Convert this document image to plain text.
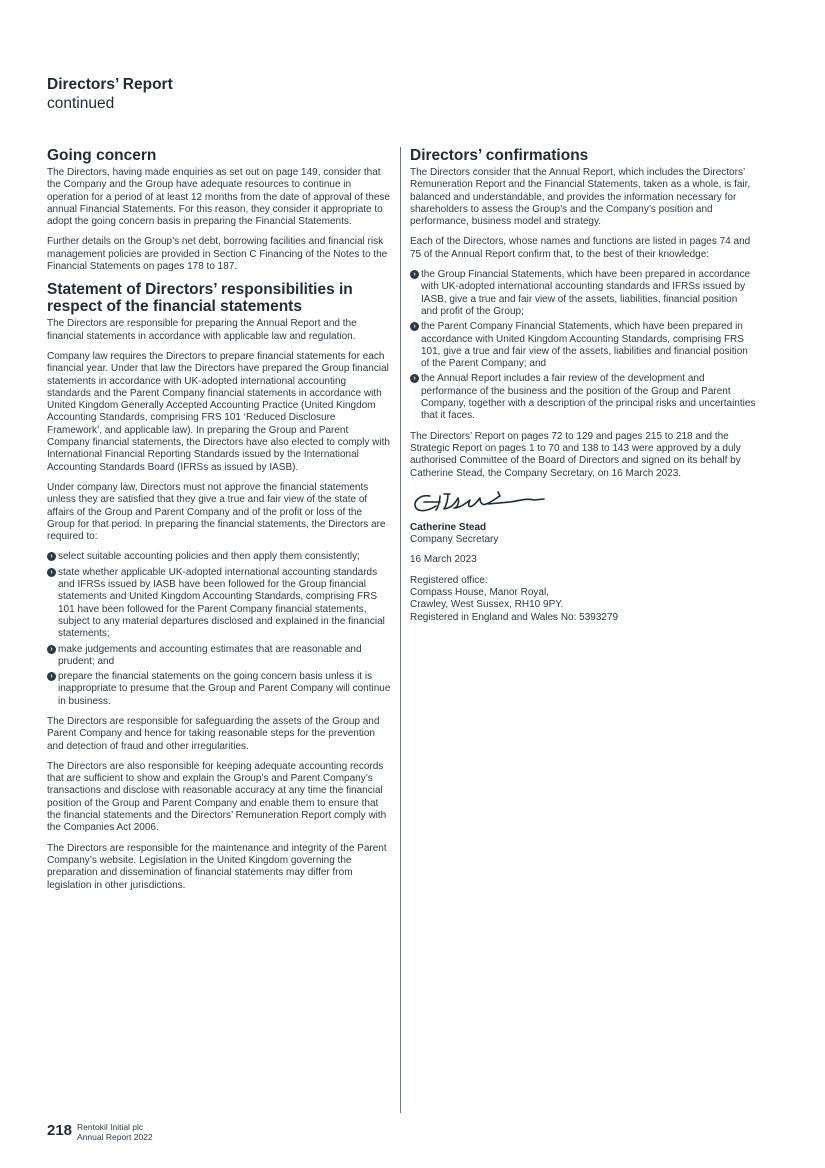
Directors’ Report
continued
Going concern

The Directors, having made enquiries as set out on page 149, consider that the Company and the Group have adequate resources to continue in operation for a period of at least 12 months from the date of approval of these annual Financial Statements. For this reason, they consider it appropriate to adopt the going concern basis in preparing the Financial Statements.

Further details on the Group’s net debt, borrowing facilities and financial risk management policies are provided in Section C Financing of the Notes to the Financial Statements on pages 178 to 187.

Statement of Directors’ responsibilities in respect of the financial statements

The Directors are responsible for preparing the Annual Report and the financial statements in accordance with applicable law and regulation.

Company law requires the Directors to prepare financial statements for each financial year. Under that law the Directors have prepared the Group financial statements in accordance with UK-adopted international accounting standards and the Parent Company financial statements in accordance with United Kingdom Generally Accepted Accounting Practice (United Kingdom Accounting Standards, comprising FRS 101 ‘Reduced Disclosure Framework’, and applicable law). In preparing the Group and Parent Company financial statements, the Directors have also elected to comply with International Financial Reporting Standards issued by the International Accounting Standards Board (IFRSs as issued by IASB).

Under company law, Directors must not approve the financial statements unless they are satisfied that they give a true and fair view of the state of affairs of the Group and Parent Company and of the profit or loss of the Group for that period. In preparing the financial statements, the Directors are required to:

› select suitable accounting policies and then apply them consistently;
› state whether applicable UK-adopted international accounting standards and IFRSs issued by IASB have been followed for the Group financial statements and United Kingdom Accounting Standards, comprising FRS 101 have been followed for the Parent Company financial statements, subject to any material departures disclosed and explained in the financial statements;
› make judgements and accounting estimates that are reasonable and prudent; and
› prepare the financial statements on the going concern basis unless it is inappropriate to presume that the Group and Parent Company will continue in business.

The Directors are responsible for safeguarding the assets of the Group and Parent Company and hence for taking reasonable steps for the prevention and detection of fraud and other irregularities.

The Directors are also responsible for keeping adequate accounting records that are sufficient to show and explain the Group’s and Parent Company’s transactions and disclose with reasonable accuracy at any time the financial position of the Group and Parent Company and enable them to ensure that the financial statements and the Directors’ Remuneration Report comply with the Companies Act 2006.

The Directors are responsible for the maintenance and integrity of the Parent Company’s website. Legislation in the United Kingdom governing the preparation and dissemination of financial statements may differ from legislation in other jurisdictions.

Directors’ confirmations

The Directors consider that the Annual Report, which includes the Directors’ Remuneration Report and the Financial Statements, taken as a whole, is fair, balanced and understandable, and provides the information necessary for shareholders to assess the Group’s and the Company’s position and performance, business model and strategy.

Each of the Directors, whose names and functions are listed in pages 74 and 75 of the Annual Report confirm that, to the best of their knowledge:

› the Group Financial Statements, which have been prepared in accordance with UK-adopted international accounting standards and IFRSs issued by IASB, give a true and fair view of the assets, liabilities, financial position and profit of the Group;
› the Parent Company Financial Statements, which have been prepared in accordance with United Kingdom Accounting Standards, comprising FRS 101, give a true and fair view of the assets, liabilities and financial position of the Parent Company; and
› the Annual Report includes a fair review of the development and performance of the business and the position of the Group and Parent Company, together with a description of the principal risks and uncertainties that it faces.

The Directors’ Report on pages 72 to 129 and pages 215 to 218 and the Strategic Report on pages 1 to 70 and 138 to 143 were approved by a duly authorised Committee of the Board of Directors and signed on its behalf by Catherine Stead, the Company Secretary, on 16 March 2023.

Catherine Stead
Company Secretary

16 March 2023

Registered office:
Compass House, Manor Royal,
Crawley, West Sussex, RH10 9PY.
Registered in England and Wales No: 5393279
218 Rentokil Initial plc
Annual Report 2022
